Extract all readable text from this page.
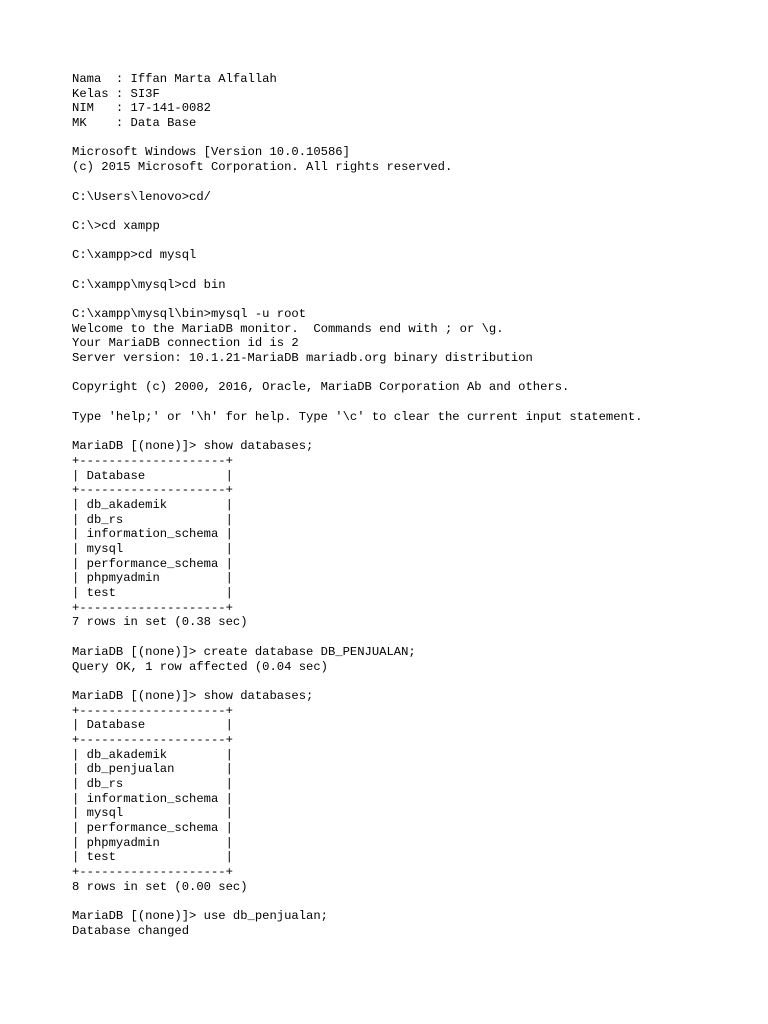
Nama  : Iffan Marta Alfallah
Kelas : SI3F
NIM   : 17-141-0082
MK    : Data Base
Microsoft Windows [Version 10.0.10586]
(c) 2015 Microsoft Corporation. All rights reserved.
C:\Users\lenovo>cd/
C:\>cd xampp
C:\xampp>cd mysql
C:\xampp\mysql>cd bin
C:\xampp\mysql\bin>mysql -u root
Welcome to the MariaDB monitor.  Commands end with ; or \g.
Your MariaDB connection id is 2
Server version: 10.1.21-MariaDB mariadb.org binary distribution
Copyright (c) 2000, 2016, Oracle, MariaDB Corporation Ab and others.
Type 'help;' or '\h' for help. Type '\c' to clear the current input statement.
MariaDB [(none)]> show databases;
+--------------------+
| Database           |
+--------------------+
| db_akademik        |
| db_rs              |
| information_schema |
| mysql              |
| performance_schema |
| phpmyadmin         |
| test               |
+--------------------+
7 rows in set (0.38 sec)
MariaDB [(none)]> create database DB_PENJUALAN;
Query OK, 1 row affected (0.04 sec)
MariaDB [(none)]> show databases;
+--------------------+
| Database           |
+--------------------+
| db_akademik        |
| db_penjualan       |
| db_rs              |
| information_schema |
| mysql              |
| performance_schema |
| phpmyadmin         |
| test               |
+--------------------+
8 rows in set (0.00 sec)
MariaDB [(none)]> use db_penjualan;
Database changed
